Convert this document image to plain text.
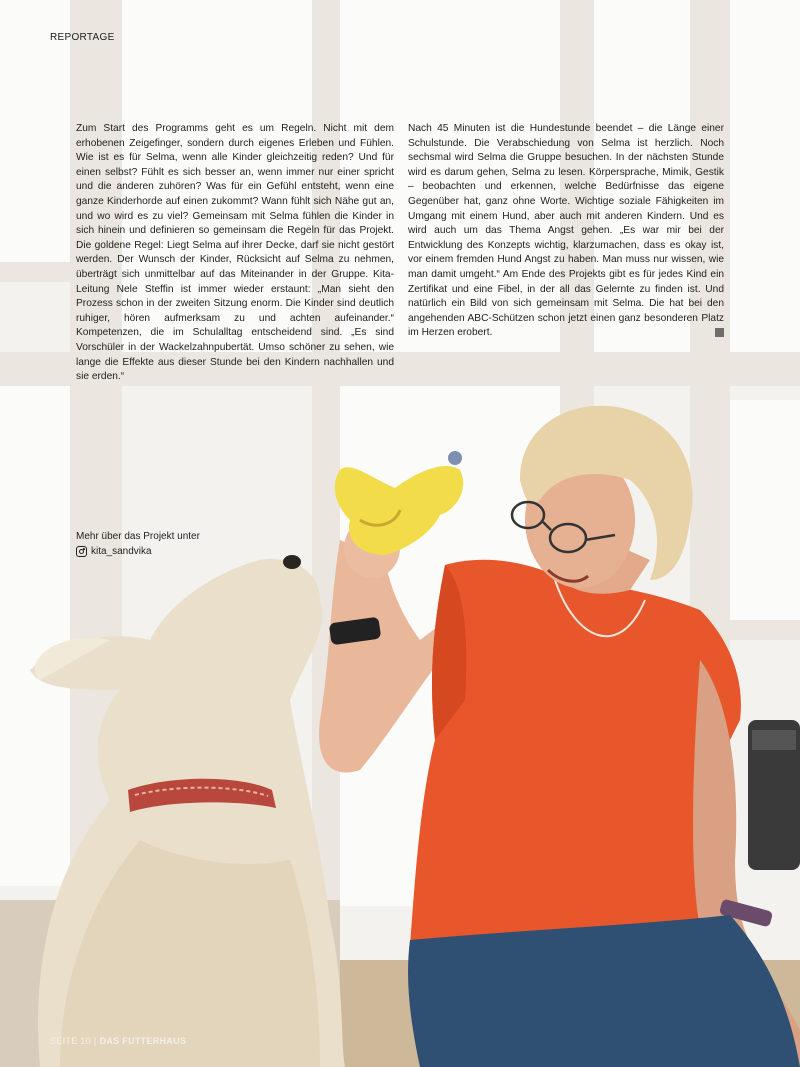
REPORTAGE

Zum Start des Programms geht es um Regeln. Nicht mit dem erhobenen Zeigefinger, sondern durch eigenes Erleben und Fühlen. Wie ist es für Selma, wenn alle Kinder gleichzeitig reden? Und für einen selbst? Fühlt es sich besser an, wenn immer nur einer spricht und die anderen zuhören? Was für ein Gefühl entsteht, wenn eine ganze Kinderhorde auf einen zukommt? Wann fühlt sich Nähe gut an, und wo wird es zu viel? Gemeinsam mit Selma fühlen die Kinder in sich hinein und definieren so gemeinsam die Regeln für das Projekt. Die goldene Regel: Liegt Selma auf ihrer Decke, darf sie nicht gestört werden. Der Wunsch der Kinder, Rücksicht auf Selma zu nehmen, überträgt sich unmittelbar auf das Miteinander in der Gruppe. Kita-Leitung Nele Steffin ist immer wieder erstaunt: „Man sieht den Prozess schon in der zweiten Sitzung enorm. Die Kinder sind deutlich ruhiger, hören aufmerksam zu und achten aufeinander.“ Kompetenzen, die im Schulalltag entscheidend sind. „Es sind Vorschüler in der Wackelzahnpubertät. Umso schöner zu sehen, wie lange die Effekte aus dieser Stunde bei den Kindern nachhallen und sie erden.“

Nach 45 Minuten ist die Hundestunde beendet – die Länge einer Schulstunde. Die Verabschiedung von Selma ist herzlich. Noch sechsmal wird Selma die Gruppe besuchen. In der nächsten Stunde wird es darum gehen, Selma zu lesen. Körpersprache, Mimik, Gestik – beobachten und erkennen, welche Bedürfnisse das eigene Gegenüber hat, ganz ohne Worte. Wichtige soziale Fähigkeiten im Umgang mit einem Hund, aber auch mit anderen Kindern. Und es wird auch um das Thema Angst gehen. „Es war mir bei der Entwicklung des Konzepts wichtig, klarzumachen, dass es okay ist, vor einem fremden Hund Angst zu haben. Man muss nur wissen, wie man damit umgeht.“ Am Ende des Projekts gibt es für jedes Kind ein Zertifikat und eine Fibel, in der all das Gelernte zu finden ist. Und natürlich ein Bild von sich gemeinsam mit Selma. Die hat bei den angehenden ABC-Schützen schon jetzt einen ganz besonderen Platz im Herzen erobert.

Mehr über das Projekt unter
kita_sandvika
SEITE 10 | DAS FUTTERHAUS
